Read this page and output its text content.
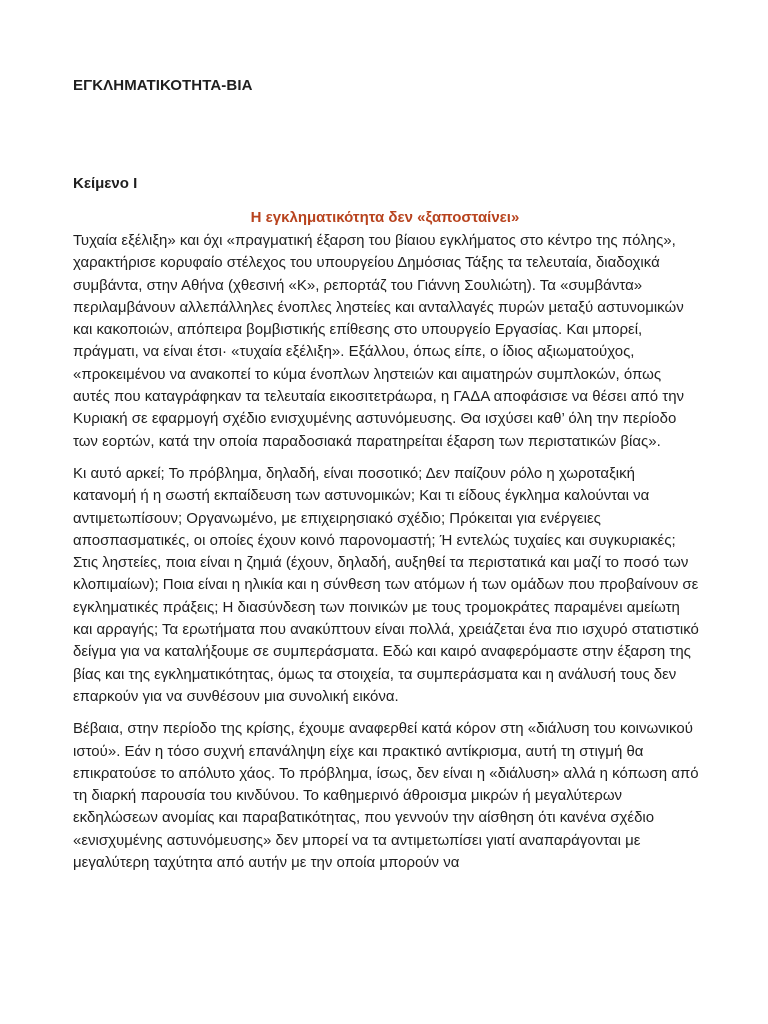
ΕΓΚΛΗΜΑΤΙΚΟΤΗΤΑ-ΒΙΑ
Κείμενο Ι
Η εγκληματικότητα δεν «ξαποσταίνει»

Τυχαία εξέλιξη» και όχι «πραγματική έξαρση του βίαιου εγκλήματος στο κέντρο της πόλης», χαρακτήρισε κορυφαίο στέλεχος του υπουργείου Δημόσιας Τάξης τα τελευταία, διαδοχικά συμβάντα, στην Αθήνα (χθεσινή «Κ», ρεπορτάζ του Γιάννη Σουλιώτη). Τα «συμβάντα» περιλαμβάνουν αλλεπάλληλες ένοπλες ληστείες και ανταλλαγές πυρών μεταξύ αστυνομικών και κακοποιών, απόπειρα βομβιστικής επίθεσης στο υπουργείο Εργασίας. Και μπορεί, πράγματι, να είναι έτσι· «τυχαία εξέλιξη». Εξάλλου, όπως είπε, ο ίδιος αξιωματούχος, «προκειμένου να ανακοπεί το κύμα ένοπλων ληστειών και αιματηρών συμπλοκών, όπως αυτές που καταγράφηκαν τα τελευταία εικοσιτετράωρα, η ΓΑΔΑ αποφάσισε να θέσει από την Κυριακή σε εφαρμογή σχέδιο ενισχυμένης αστυνόμευσης. Θα ισχύσει καθ’ όλη την περίοδο των εορτών, κατά την οποία παραδοσιακά παρατηρείται έξαρση των περιστατικών βίας».

Κι αυτό αρκεί; Το πρόβλημα, δηλαδή, είναι ποσοτικό; Δεν παίζουν ρόλο η χωροταξική κατανομή ή η σωστή εκπαίδευση των αστυνομικών; Και τι είδους έγκλημα καλούνται να αντιμετωπίσουν; Οργανωμένο, με επιχειρησιακό σχέδιο; Πρόκειται για ενέργειες αποσπασματικές, οι οποίες έχουν κοινό παρονομαστή; Ή εντελώς τυχαίες και συγκυριακές; Στις ληστείες, ποια είναι η ζημιά (έχουν, δηλαδή, αυξηθεί τα περιστατικά και μαζί το ποσό των κλοπιμαίων); Ποια είναι η ηλικία και η σύνθεση των ατόμων ή των ομάδων που προβαίνουν σε εγκληματικές πράξεις; Η διασύνδεση των ποινικών με τους τρομοκράτες παραμένει αμείωτη και αρραγής; Τα ερωτήματα που ανακύπτουν είναι πολλά, χρειάζεται ένα πιο ισχυρό στατιστικό δείγμα για να καταλήξουμε σε συμπεράσματα. Εδώ και καιρό αναφερόμαστε στην έξαρση της βίας και της εγκληματικότητας, όμως τα στοιχεία, τα συμπεράσματα και η ανάλυσή τους δεν επαρκούν για να συνθέσουν μια συνολική εικόνα.

Βέβαια, στην περίοδο της κρίσης, έχουμε αναφερθεί κατά κόρον στη «διάλυση του κοινωνικού ιστού». Εάν η τόσο συχνή επανάληψη είχε και πρακτικό αντίκρισμα, αυτή τη στιγμή θα επικρατούσε το απόλυτο χάος. Το πρόβλημα, ίσως, δεν είναι η «διάλυση» αλλά η κόπωση από τη διαρκή παρουσία του κινδύνου. Το καθημερινό άθροισμα μικρών ή μεγαλύτερων εκδηλώσεων ανομίας και παραβατικότητας, που γεννούν την αίσθηση ότι κανένα σχέδιο «ενισχυμένης αστυνόμευσης» δεν μπορεί να τα αντιμετωπίσει γιατί αναπαράγονται με μεγαλύτερη ταχύτητα από αυτήν με την οποία μπορούν να
